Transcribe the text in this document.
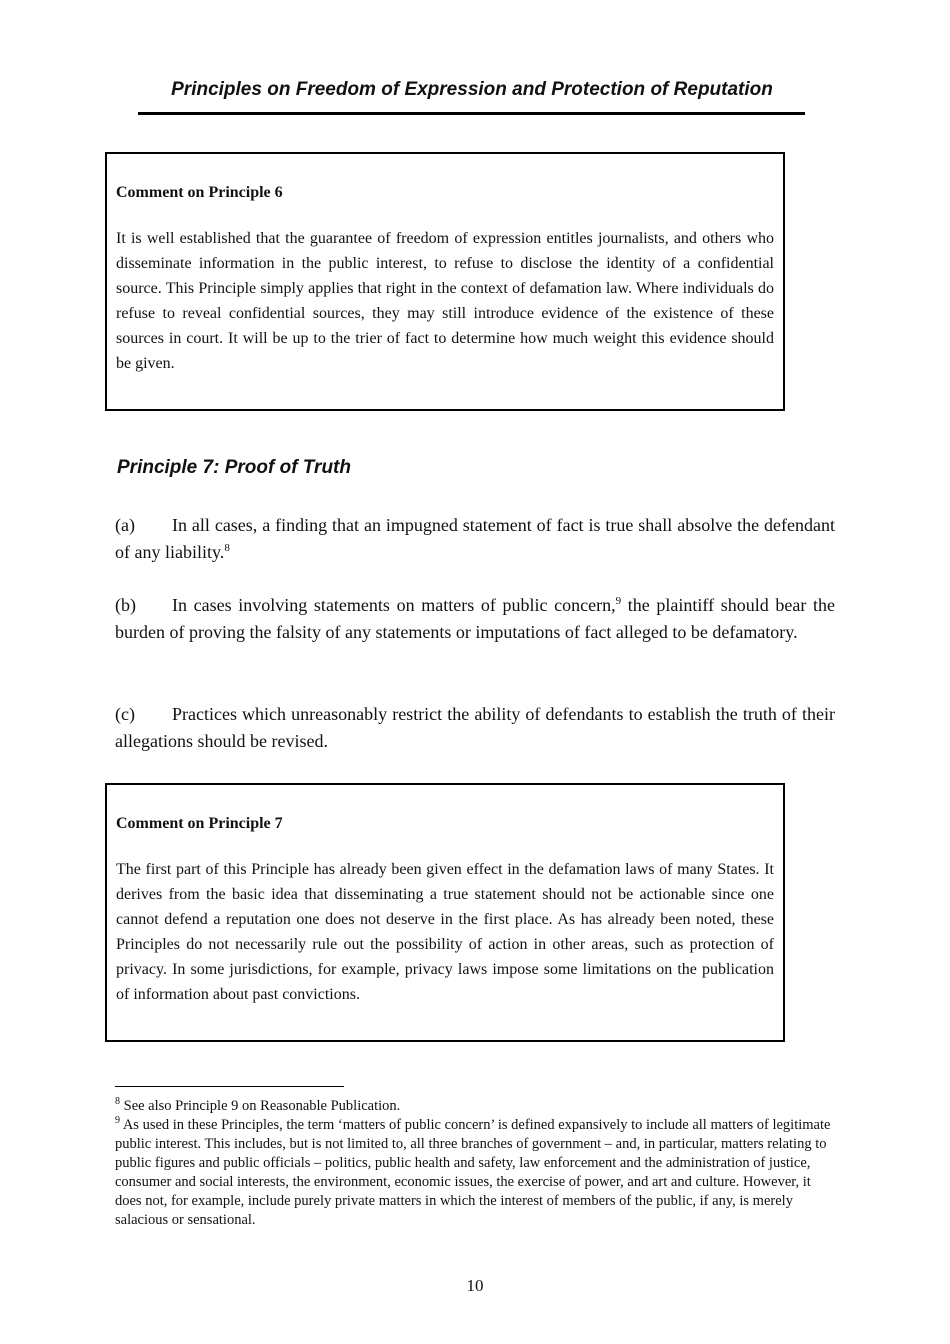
Principles on Freedom of Expression and Protection of Reputation
Comment on Principle 6
It is well established that the guarantee of freedom of expression entitles journalists, and others who disseminate information in the public interest, to refuse to disclose the identity of a confidential source. This Principle simply applies that right in the context of defamation law. Where individuals do refuse to reveal confidential sources, they may still introduce evidence of the existence of these sources in court. It will be up to the trier of fact to determine how much weight this evidence should be given.
Principle 7: Proof of Truth
(a) In all cases, a finding that an impugned statement of fact is true shall absolve the defendant of any liability.$^8$
(b) In cases involving statements on matters of public concern,$^9$ the plaintiff should bear the burden of proving the falsity of any statements or imputations of fact alleged to be defamatory.
(c) Practices which unreasonably restrict the ability of defendants to establish the truth of their allegations should be revised.
Comment on Principle 7
The first part of this Principle has already been given effect in the defamation laws of many States. It derives from the basic idea that disseminating a true statement should not be actionable since one cannot defend a reputation one does not deserve in the first place. As has already been noted, these Principles do not necessarily rule out the possibility of action in other areas, such as protection of privacy. In some jurisdictions, for example, privacy laws impose some limitations on the publication of information about past convictions.
$^8$ See also Principle 9 on Reasonable Publication.
$^9$ As used in these Principles, the term ‘matters of public concern’ is defined expansively to include all matters of legitimate public interest. This includes, but is not limited to, all three branches of government – and, in particular, matters relating to public figures and public officials – politics, public health and safety, law enforcement and the administration of justice, consumer and social interests, the environment, economic issues, the exercise of power, and art and culture. However, it does not, for example, include purely private matters in which the interest of members of the public, if any, is merely salacious or sensational.
10
